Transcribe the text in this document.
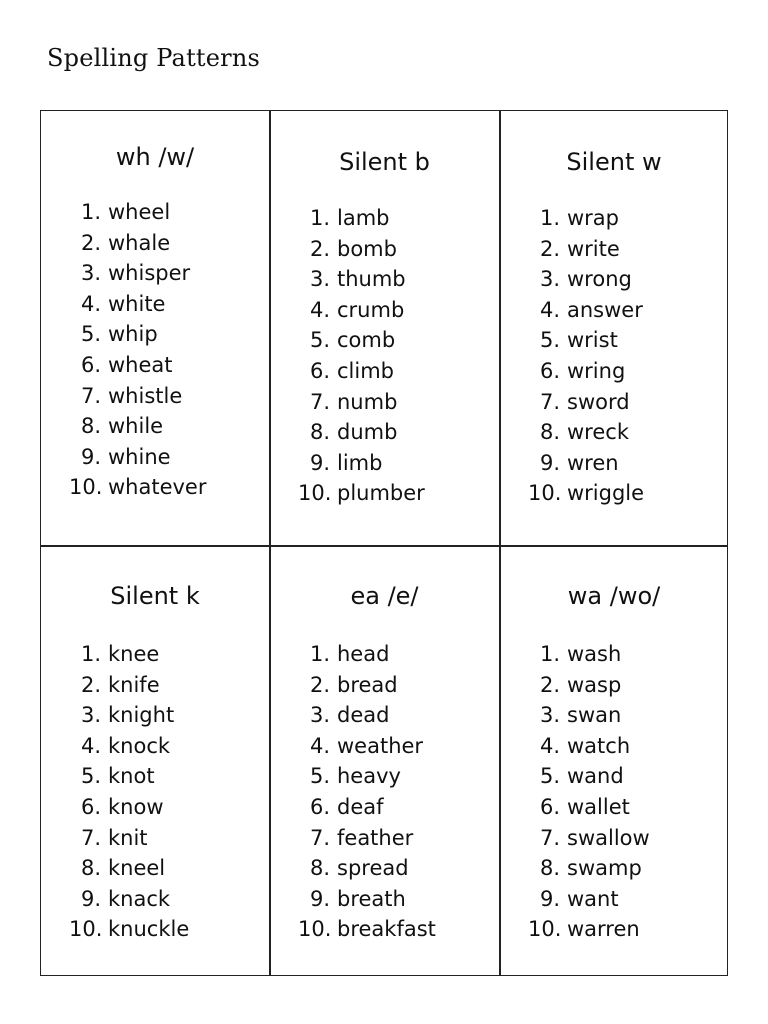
Spelling Patterns
wh /w/
1. wheel
2. whale
3. whisper
4. white
5. whip
6. wheat
7. whistle
8. while
9. whine
10. whatever
Silent b
1. lamb
2. bomb
3. thumb
4. crumb
5. comb
6. climb
7. numb
8. dumb
9. limb
10. plumber
Silent w
1. wrap
2. write
3. wrong
4. answer
5. wrist
6. wring
7. sword
8. wreck
9. wren
10. wriggle
Silent k
1. knee
2. knife
3. knight
4. knock
5. knot
6. know
7. knit
8. kneel
9. knack
10. knuckle
ea /e/
1. head
2. bread
3. dead
4. weather
5. heavy
6. deaf
7. feather
8. spread
9. breath
10. breakfast
wa /wo/
1. wash
2. wasp
3. swan
4. watch
5. wand
6. wallet
7. swallow
8. swamp
9. want
10. warren
